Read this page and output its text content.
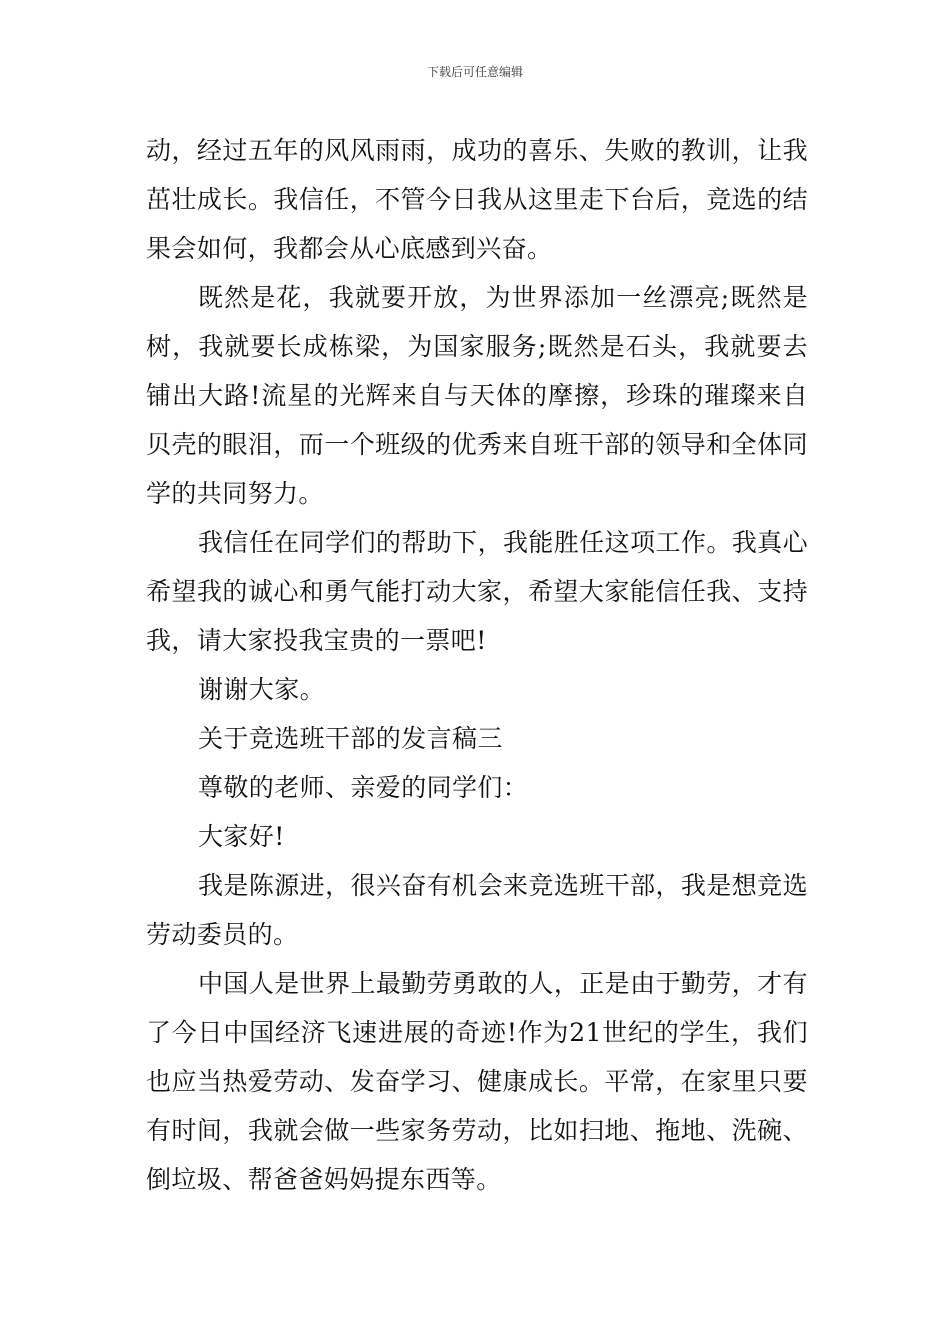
下载后可任意编辑

动，经过五年的风风雨雨，成功的喜乐、失败的教训，让我茁壮成长。我信任，不管今日我从这里走下台后，竞选的结果会如何，我都会从心底感到兴奋。

既然是花，我就要开放，为世界添加一丝漂亮;既然是树，我就要长成栋梁，为国家服务;既然是石头，我就要去铺出大路!流星的光辉来自与天体的摩擦，珍珠的璀璨来自贝壳的眼泪，而一个班级的优秀来自班干部的领导和全体同学的共同努力。

我信任在同学们的帮助下，我能胜任这项工作。我真心希望我的诚心和勇气能打动大家，希望大家能信任我、支持我，请大家投我宝贵的一票吧!

谢谢大家。

关于竞选班干部的发言稿三

尊敬的老师、亲爱的同学们：

大家好!

我是陈源进，很兴奋有机会来竞选班干部，我是想竞选劳动委员的。

中国人是世界上最勤劳勇敢的人，正是由于勤劳，才有了今日中国经济飞速进展的奇迹!作为21世纪的学生，我们也应当热爱劳动、发奋学习、健康成长。平常，在家里只要有时间，我就会做一些家务劳动，比如扫地、拖地、洗碗、倒垃圾、帮爸爸妈妈提东西等。
